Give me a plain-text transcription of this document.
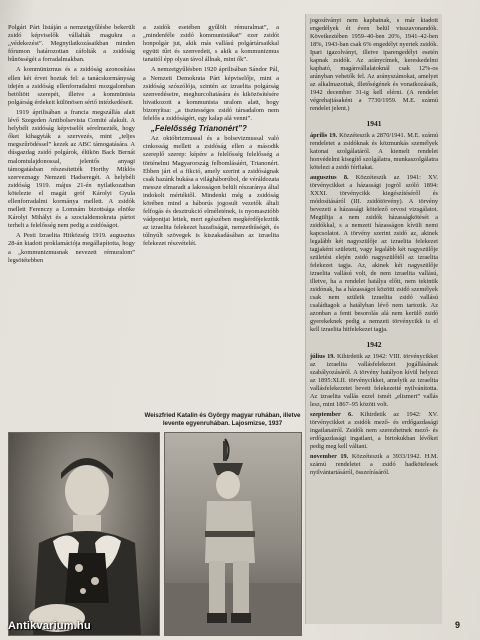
Polgári Párt listáján a nemzetgyűlésbe bekerült zsidó képviselők vállalták magukra a „védekezést”. Megnyilatkozásaikban minden fórumon határozottan cáfolták a zsidóság bűnösségét a forradalmakban.

A kommünizmus és a zsidóság azonosítása ellen két érvet hoztak fel: a tanácskormányság idején a zsidóság ellenforradalmi mozgalomban betöltött szerepét, illetve a kommünista polgárság érdekeit különösen sértő intézkedéseit.

1919 áprilisában a francia megszállás alatt lévő Szegeden Antibolsevista Comité alakult. A helybéli zsidóság képviselői sérelmezték, hogy őket kihagyták a szervezés, mint „teljes megszűrödéssel” kezek az ABC támogatására. A dúsgazdag zsidó polgárok, élükön Back Bernát malomtulajdonossal, jelentős anyagi támogatásban részesítették Horthy Miklós szerveznagy Nemzeti Hadseregét. A helybéli zsidóság 1919. május 21-én nyilatkozatban kötelezte el magát gróf Károlyi Gyula ellenforradalmi kormánya mellett. A zsidók mellett Ferenczy a Lomnám bizottsága elnöke Károlyi Mihályt és a szocialdemokrata pártot terhelt a felelősség nem pedig a zsidóságot.

A Pesti Izraelita Hitközség 1919. augusztus 28-án kiadott proklamációja megállapította, hogy a „kommunizmusnak nevezett rémuralom” legsötétebben

a zsidók esetében gyűlölt rémuralmat”, a „mindenféle zsidó kommunistákat” ezer zsidót honpolgár jut, akik más vallású polgártársaikkal együtt tűrt és szenvedett, s akik a kommunizmus tanaitól épp olyan távol állnak, mint ők”.

A nemzetgyűlésben 1920 áprilisában Sándor Pál, a Nemzeti Demokrata Párt képviselője, mint a zsidóság szószólója, szintén az izraelita polgárság szenvedéseire, meghurcoltatására és kiközösítésére hivatkozott a kommunista uralom alatt, hogy bizonyítsa: „a tisztességes zsidó társadalom nem felelős a zsidóságért, egy kalap alá venni”.

„Felelősség Trianonért”?

Az októbrizmussal és a bolsevizmussal való cinkosság mellett a zsidóság ellen a második szereplő szerep: képére a felelősség felelősség a történelmi Magyarország felbomlásáért, Trianonért. Ebben járt el a fikció, amely szerint a zsidóságnak csak hazánk bukása a világháborúbol, de véráldozata messze elmaradt a lakosságon belüli részaránya által indokolt mértéktől. Mindenki még a zsidóság körében mind a háborús jogosult vezetők általi felfogás és desztrukció elméletének, is nyomasztóbb vádpontjai lettek, mert egészében megkérdőjeleztük az izraelita felekezet hazafiságát, nemzethűségét, és túlnyúlt szövegek is kiszakadásában az izraelita felekezet részvételét.

jogosítványt nem kaphatnak, s már kiadott engedélyek ét éven belül visszavonandók. Következtében 1959–40-ben 20%, 1941–42-ben 18%, 1943-ban csak 6% engedélyt nyertek zsidók. Ipari igazolványt, illetve iparengedélyt esetén kapnak zsidók. Az aránycímek, kereskedelmi kapható, magánvállalatoknál csak 12%-os arányban vehetők fel. Az arányszámokat, amelyet az alkalmazottak, illetőségének és vonatkozásaik, 1942 december 31-ig kell elérni. (A rendelet végrehajtásaként a 7730/1959. M.E. számú rendelet jelent.)

1941

április 19. Közzéteszik a 2870/1941. M.E. számú rendeletet a zsidóknak és közmunkás személyek katonai szolgálatáról. A kiemelt rendelet honvédelmi kisegítő szolgálatra, munkaszolgálatra kötelezi a zsidó férfiakat.

augusztus 8. Közzéteszik az 1941: XV. törvénycikket a házassági jogról szóló 1894: XXXI. törvénycikk kiegészítéséről és módosításáról (III. zsidótörvény). A törvény bevezeti a házassági kötelező orvosi vizsgálatot. Megtiltja a nem zsidók házasságkötését a zsidókkal, s a nemzeti házasságon kívüli nemi kapcsolatot. A törvény szerint zsidó az, akinek legalább két nagyszülője az izraelita felekezet tagjaként született, vagy legalább két nagyszülője születési elején zsidó nagyszülőtől az izraelita felekezet tagja. Az, akinek két nagyszülője izraelita vallású volt, de nem izraelita vallású, illetve, ha a rendelet hatálya előtt, nem tekintik zsidónak, ha a házasságot közötti zsidó személyek csak nem szüleik izraelita zsidó vallású családtagok a hatályban lévő nem tartozik. Az azonban a fenti besorolás alá nem kerülő zsidó gyerekeknek pedig a nemzeti törvénycikk is el kell izraelita hitfelekezet tagja.

1942

július 19. Kihirdetik az 1942: VIII. törvénycikket az izraelita vallásfelekezet jogállásának szabályozásáról. A törvény hatályon kívül helyezi az 1895:XLII. törvénycikket, amelyik az izraelita vallásfelekezetet bevett felekezetté nyilvánította. Az izraelita vallás ezzel ismét „elismert” vallás lesz, mint 1867–95 között volt.

szeptember 6. Kihirdetik az 1942: XV. törvénycikket a zsidók mező- és erdőgazdasági ingatlanairól. Zsidók nem szerezhetnek mező- és erdőgazdasági ingatlant, a birtokukban lévőket pedig meg kell váltani.

november 19. Közzéteszik a 3933/1942. H.M. számú rendeletet a zsidó hadkötelesek nyilvántartásáról, összeírásáról.

Weiszfried Katalin és György magyar ruhában, illetve levente egyenruhában. Lajosmizse, 1937
Antikvarium.hu	9
